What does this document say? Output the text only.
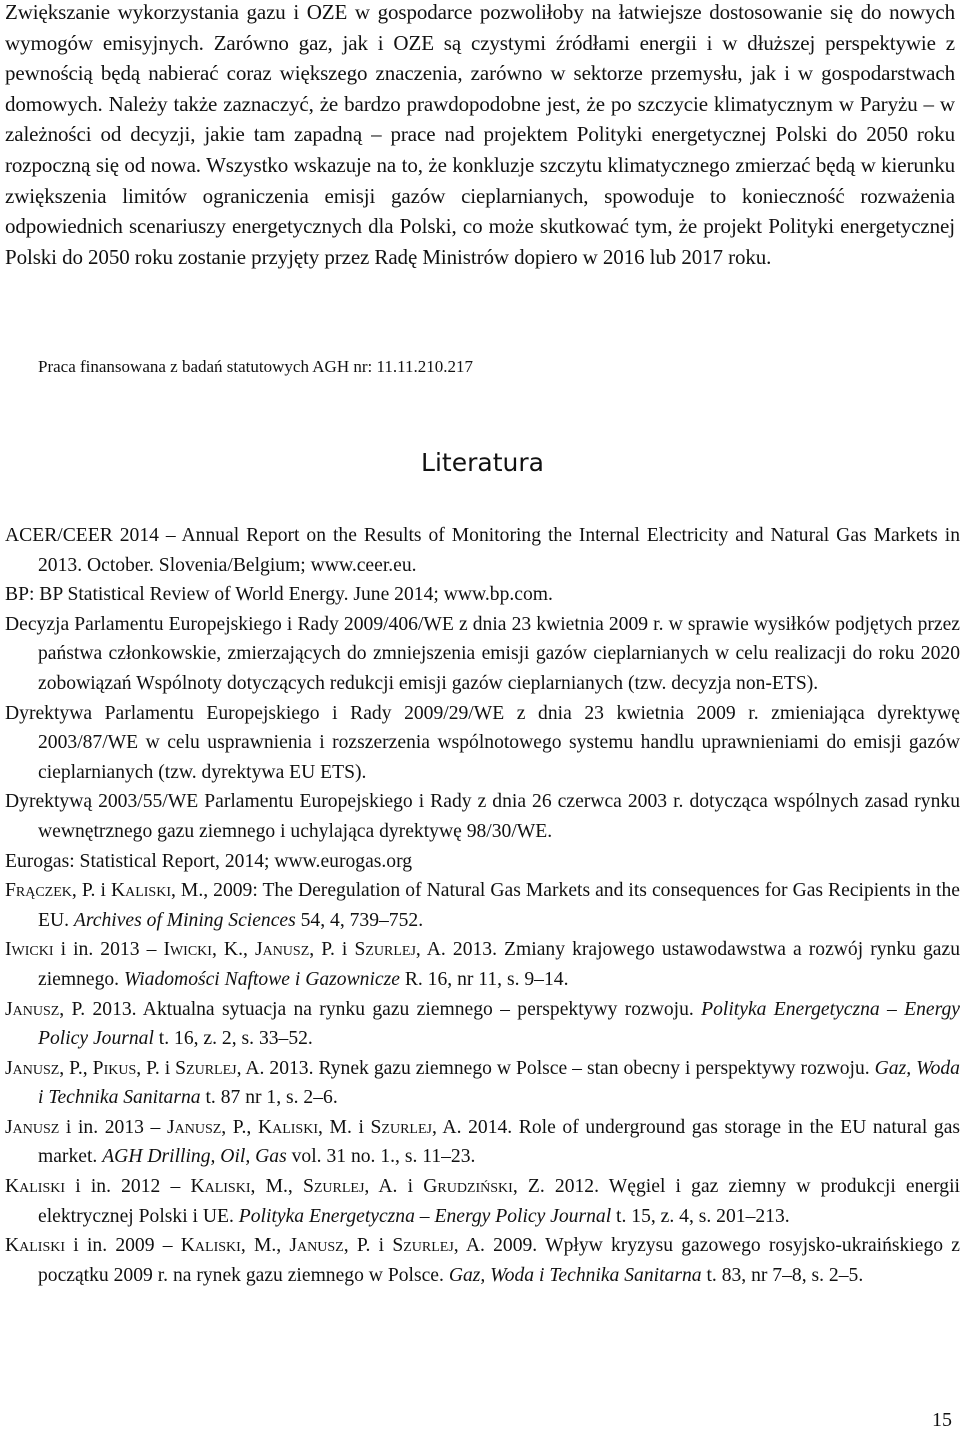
Zwiększanie wykorzystania gazu i OZE w gospodarce pozwoliłoby na łatwiejsze dostosowanie się do nowych wymogów emisyjnych. Zarówno gaz, jak i OZE są czystymi źródłami energii i w dłuższej perspektywie z pewnością będą nabierać coraz większego znaczenia, zarówno w sektorze przemysłu, jak i w gospodarstwach domowych. Należy także zaznaczyć, że bardzo prawdopodobne jest, że po szczycie klimatycznym w Paryżu – w zależności od decyzji, jakie tam zapadną – prace nad projektem Polityki energetycznej Polski do 2050 roku rozpoczną się od nowa. Wszystko wskazuje na to, że konkluzje szczytu klimatycznego zmierzać będą w kierunku zwiększenia limitów ograniczenia emisji gazów cieplarnianych, spowoduje to konieczność rozważenia odpowiednich scenariuszy energetycznych dla Polski, co może skutkować tym, że projekt Polityki energetycznej Polski do 2050 roku zostanie przyjęty przez Radę Ministrów dopiero w 2016 lub 2017 roku.

Praca finansowana z badań statutowych AGH nr: 11.11.210.217

Literatura
ACER/CEER 2014 – Annual Report on the Results of Monitoring the Internal Electricity and Natural Gas Markets in 2013. October. Slovenia/Belgium; www.ceer.eu.
BP: BP Statistical Review of World Energy. June 2014; www.bp.com.
Decyzja Parlamentu Europejskiego i Rady 2009/406/WE z dnia 23 kwietnia 2009 r. w sprawie wysiłków podjętych przez państwa członkowskie, zmierzających do zmniejszenia emisji gazów cieplarnianych w celu realizacji do roku 2020 zobowiązań Wspólnoty dotyczących redukcji emisji gazów cieplarnianych (tzw. decyzja non-ETS).
Dyrektywa Parlamentu Europejskiego i Rady 2009/29/WE z dnia 23 kwietnia 2009 r. zmieniająca dyrektywę 2003/87/WE w celu usprawnienia i rozszerzenia wspólnotowego systemu handlu uprawnieniami do emisji gazów cieplarnianych (tzw. dyrektywa EU ETS).
Dyrektywą 2003/55/WE Parlamentu Europejskiego i Rady z dnia 26 czerwca 2003 r. dotycząca wspólnych zasad rynku wewnętrznego gazu ziemnego i uchylająca dyrektywę 98/30/WE.
Eurogas: Statistical Report, 2014; www.eurogas.org
Frączek, P. i Kaliski, M., 2009: The Deregulation of Natural Gas Markets and its consequences for Gas Recipients in the EU. Archives of Mining Sciences 54, 4, 739–752.
Iwicki i in. 2013 – Iwicki, K., Janusz, P. i Szurlej, A. 2013. Zmiany krajowego ustawodawstwa a rozwój rynku gazu ziemnego. Wiadomości Naftowe i Gazownicze R. 16, nr 11, s. 9–14.
Janusz, P. 2013. Aktualna sytuacja na rynku gazu ziemnego – perspektywy rozwoju. Polityka Energetyczna – Energy Policy Journal t. 16, z. 2, s. 33–52.
Janusz, P., Pikus, P. i Szurlej, A. 2013. Rynek gazu ziemnego w Polsce – stan obecny i perspektywy rozwoju. Gaz, Woda i Technika Sanitarna t. 87 nr 1, s. 2–6.
Janusz i in. 2013 – Janusz, P., Kaliski, M. i Szurlej, A. 2014. Role of underground gas storage in the EU natural gas market. AGH Drilling, Oil, Gas vol. 31 no. 1., s. 11–23.
Kaliski i in. 2012 – Kaliski, M., Szurlej, A. i Grudziński, Z. 2012. Węgiel i gaz ziemny w produkcji energii elektrycznej Polski i UE. Polityka Energetyczna – Energy Policy Journal t. 15, z. 4, s. 201–213.
Kaliski i in. 2009 – Kaliski, M., Janusz, P. i Szurlej, A. 2009. Wpływ kryzysu gazowego rosyjsko-ukraińskiego z początku 2009 r. na rynek gazu ziemnego w Polsce. Gaz, Woda i Technika Sanitarna t. 83, nr 7–8, s. 2–5.

15
